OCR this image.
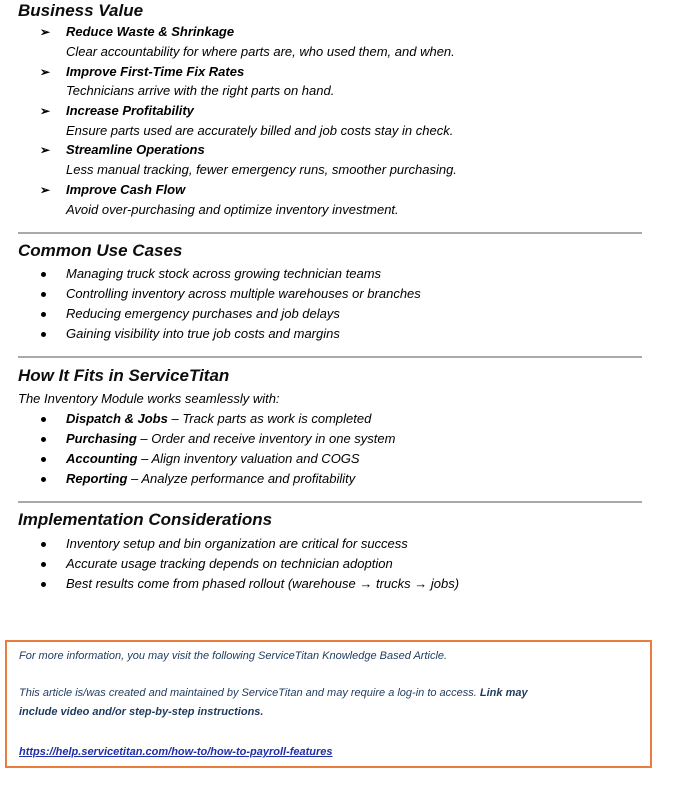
Business Value
➢ Reduce Waste & Shrinkage

Clear accountability for where parts are, who used them, and when.

➢ Improve First-Time Fix Rates

Technicians arrive with the right parts on hand.

➢ Increase Profitability

Ensure parts used are accurately billed and job costs stay in check.

➢ Streamline Operations

Less manual tracking, fewer emergency runs, smoother purchasing.

➢ Improve Cash Flow

Avoid over-purchasing and optimize inventory investment.

Common Use Cases

Managing truck stock across growing technician teams

Controlling inventory across multiple warehouses or branches

Reducing emergency purchases and job delays

Gaining visibility into true job costs and margins

How It Fits in ServiceTitan

The Inventory Module works seamlessly with:

Dispatch & Jobs – Track parts as work is completed

Purchasing – Order and receive inventory in one system

Accounting – Align inventory valuation and COGS

Reporting – Analyze performance and profitability

Implementation Considerations

Inventory setup and bin organization are critical for success

Accurate usage tracking depends on technician adoption

Best results come from phased rollout (warehouse → trucks → jobs)

For more information, you may visit the following ServiceTitan Knowledge Based Article.
This article is/was created and maintained by ServiceTitan and may require a log-in to access. Link may
include video and/or step-by-step instructions.
https://help.servicetitan.com/how-to/how-to-payroll-features
